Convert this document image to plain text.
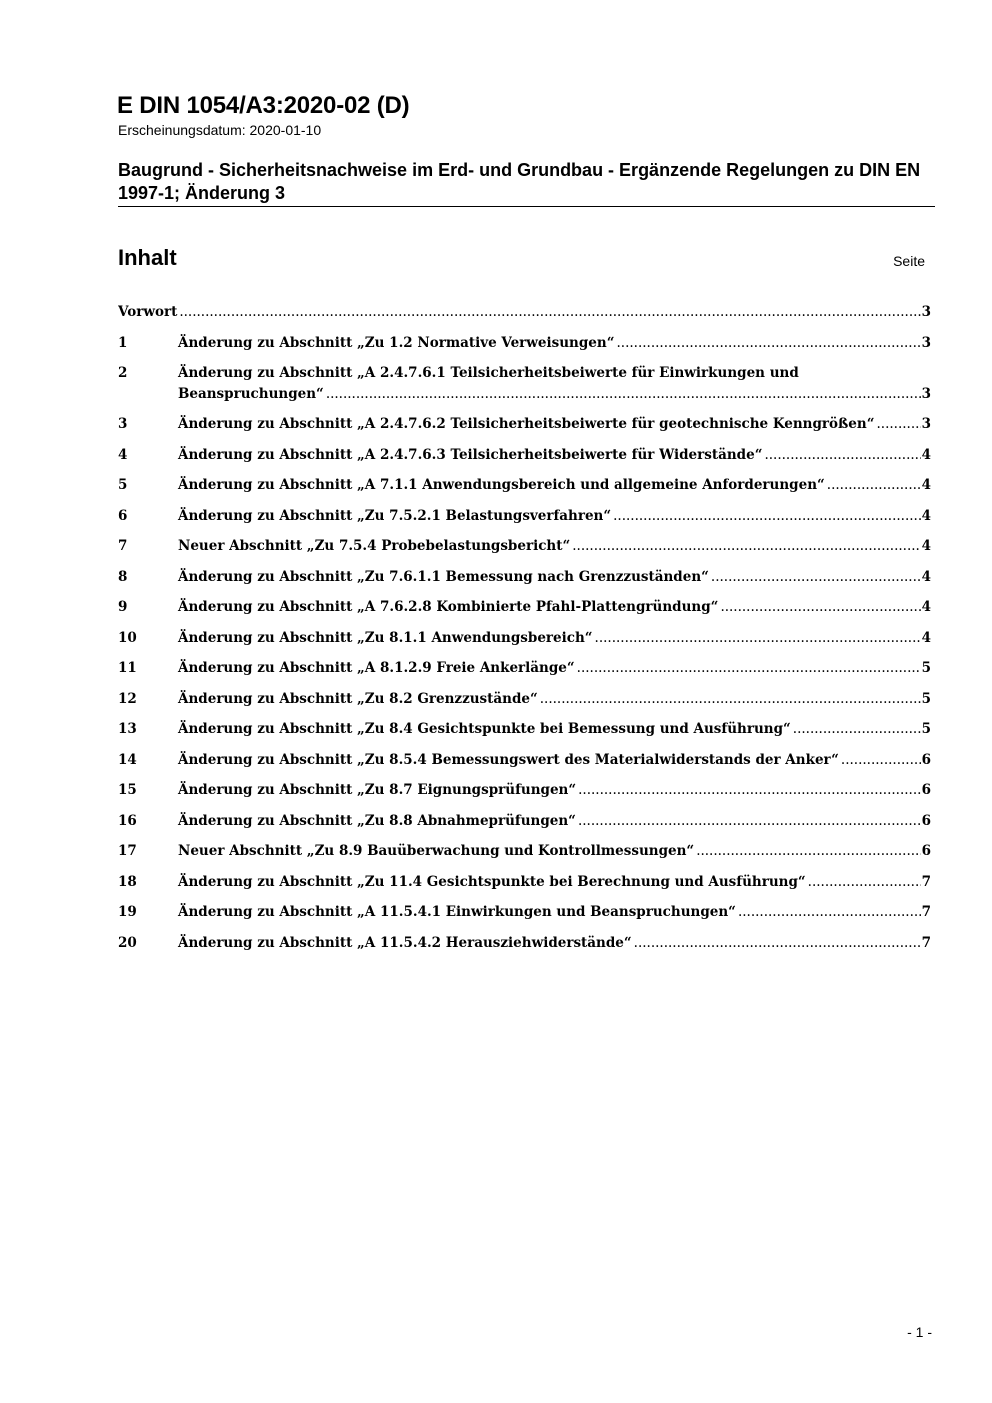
E DIN 1054/A3:2020-02 (D)
Erscheinungsdatum: 2020-01-10
Baugrund - Sicherheitsnachweise im Erd- und Grundbau - Ergänzende Regelungen zu DIN EN 1997-1; Änderung 3
Inhalt	Seite
Vorwort .....	3
1	Änderung zu Abschnitt „Zu 1.2 Normative Verweisungen“ .....	3
2	Änderung zu Abschnitt „A 2.4.7.6.1 Teilsicherheitsbeiwerte für Einwirkungen und Beanspruchungen“ .....	3
3	Änderung zu Abschnitt „A 2.4.7.6.2 Teilsicherheitsbeiwerte für geotechnische Kenngrößen“ .....	3
4	Änderung zu Abschnitt „A 2.4.7.6.3 Teilsicherheitsbeiwerte für Widerstände“ .....	4
5	Änderung zu Abschnitt „A 7.1.1 Anwendungsbereich und allgemeine Anforderungen“ .....	4
6	Änderung zu Abschnitt „Zu 7.5.2.1 Belastungsverfahren“ .....	4
7	Neuer Abschnitt „Zu 7.5.4 Probebelastungsbericht“ .....	4
8	Änderung zu Abschnitt „Zu 7.6.1.1 Bemessung nach Grenzzuständen“ .....	4
9	Änderung zu Abschnitt „A 7.6.2.8 Kombinierte Pfahl-Plattengründung“ .....	4
10	Änderung zu Abschnitt „Zu 8.1.1 Anwendungsbereich“ .....	4
11	Änderung zu Abschnitt „A 8.1.2.9 Freie Ankerlänge“ .....	5
12	Änderung zu Abschnitt „Zu 8.2 Grenzzustände“ .....	5
13	Änderung zu Abschnitt „Zu 8.4 Gesichtspunkte bei Bemessung und Ausführung“ .....	5
14	Änderung zu Abschnitt „Zu 8.5.4 Bemessungswert des Materialwiderstands der Anker“ .....	6
15	Änderung zu Abschnitt „Zu 8.7 Eignungsprüfungen“ .....	6
16	Änderung zu Abschnitt „Zu 8.8 Abnahmeprüfungen“ .....	6
17	Neuer Abschnitt „Zu 8.9 Bauüberwachung und Kontrollmessungen“ .....	6
18	Änderung zu Abschnitt „Zu 11.4 Gesichtspunkte bei Berechnung und Ausführung“ .....	7
19	Änderung zu Abschnitt „A 11.5.4.1 Einwirkungen und Beanspruchungen“ .....	7
20	Änderung zu Abschnitt „A 11.5.4.2 Herausziehwiderstände“ .....	7
- 1 -
